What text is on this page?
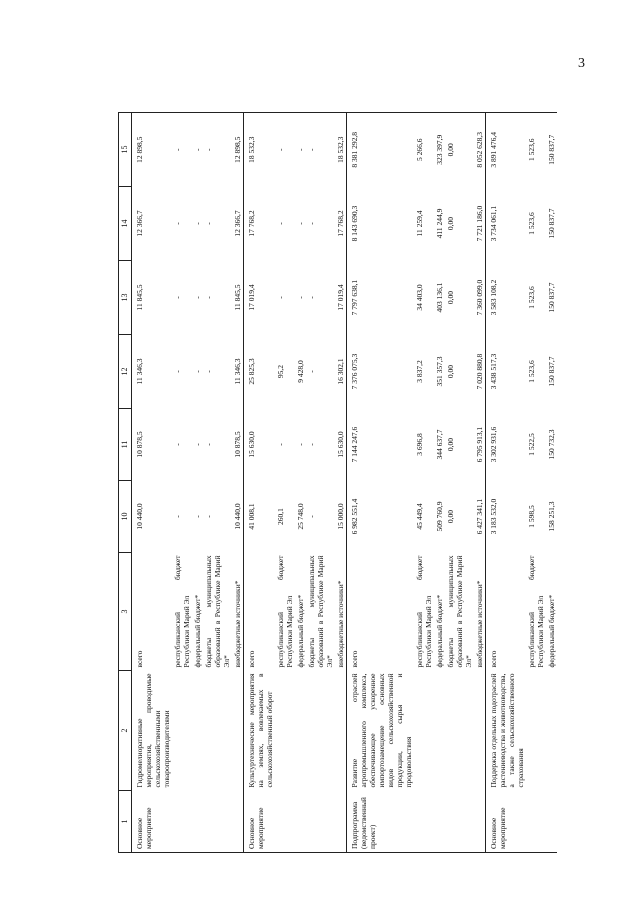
3
1	2	3	10	11	12	13	14	15
Основное мероприятие	Гидромелиоративные мероприятия, проводимые сельскохозяйственными товаропроизводителями	всего	10 440,0	10 878,5	11 346,3	11 845,5	12 366,7	12 898,5
		республиканский бюджет Республики Марий Эл	-	-	-	-	-	-
		федеральный бюджет*	-	-	-	-	-	-
		бюджеты муниципальных образований в Республике Марий Эл*	-	-	-	-	-	-
		внебюджетные источники*	10 440,0	10 878,5	11 346,3	11 845,5	12 366,7	12 898,5
Основное мероприятие	Культуртехнические мероприятия на землях, вовлекаемых в сельскохозяйственный оборот	всего	41 008,1	15 630,0	25 825,3	17 019,4	17 768,2	18 532,3
		республиканский бюджет Республики Марий Эл	260,1	-	95,2	-	-	-
		федеральный бюджет*	25 748,0	-	9 428,0	-	-	-
		бюджеты муниципальных образований в Республике Марий Эл*	-	-	-	-	-	-
		внебюджетные источники*	15 000,0	15 630,0	16 302,1	17 019,4	17 768,2	18 532,3
Подпрограмма (ведомственный проект)	Развитие отраслей агропромышленного комплекса, обеспечивающее ускоренное импортозамещение основных видов сельскохозяйственной продукции, сырья и продовольствия	всего	6 982 551,4	7 144 247,6	7 376 075,3	7 797 638,1	8 143 690,3	8 381 292,8
		республиканский бюджет Республики Марий Эл	45 449,4	3 696,8	3 837,2	34 403,0	11 259,4	5 266,6
		федеральный бюджет*	509 760,9	344 637,7	351 357,3	403 136,1	411 244,9	323 397,9
		бюджеты муниципальных образований в Республике Марий Эл*	0,00	0,00	0,00	0,00	0,00	0,00
		внебюджетные источники*	6 427 341,1	6 795 913,1	7 020 880,8	7 360 099,0	7 721 186,0	8 052 628,3
Основное мероприятие	Поддержка отдельных подотраслей растениеводства и животноводства, а также сельскохозяйственного страхования	всего	3 183 532,0	3 302 931,6	3 438 517,3	3 583 108,2	3 734 061,1	3 891 476,4
		республиканский бюджет Республики Марий Эл	1 598,5	1 522,5	1 523,6	1 523,6	1 523,6	1 523,6
		федеральный бюджет*	158 251,3	150 732,3	150 837,7	150 837,7	150 837,7	150 837,7
